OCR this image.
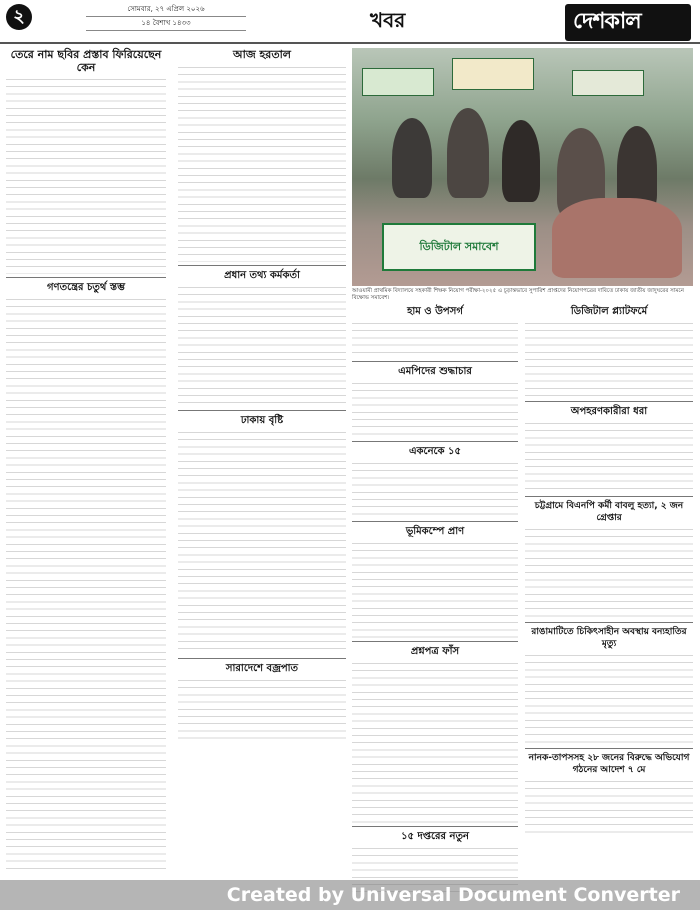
২	সোমবার, ২৭ এপ্রিল ২০২৬
১৪ বৈশাখ ১৪৩৩	খবর	দেশকাল
তেরে নাম ছবির প্রস্তাব ফিরিয়েছেন কেন

গণতন্ত্রের চতুর্থ স্তম্ভ

আজ হরতাল

প্রধান তথ্য কর্মকর্তা

ঢাকায় বৃষ্টি

সারাদেশে বজ্রপাত

ডিজিটাল সমাবেশ
আওয়ামী প্রাথমিক বিদ্যালয়ে সহকারী শিক্ষক নিয়োগ পরীক্ষা-২০২৫ এ চূড়ান্তভাবে সুপারিশ প্রাপ্তদের নিয়োগপত্রের দাবিতে ঢাকায় জাতীয় জাদুঘরের সামনে বিক্ষোভ সমাবেশ।
হাম ও উপসর্গ

এমপিদের শুদ্ধাচার

একনেকে ১৫

ভূমিকম্পে প্রাণ

প্রশ্নপত্র ফাঁস

১৫ দপ্তরের নতুন

ডিজিটাল প্ল্যাটফর্মে

অপহরণকারীরা ধরা

চট্টগ্রামে বিএনপি কর্মী বাবলু হত্যা, ২ জন গ্রেপ্তার

রাঙামাটিতে চিকিৎসাহীন অবস্থায় বন্যহাতির মৃত্যু

নানক-তাপসসহ ২৮ জনের বিরুদ্ধে অভিযোগ গঠনের আদেশ ৭ মে

Created by Universal Document Converter
